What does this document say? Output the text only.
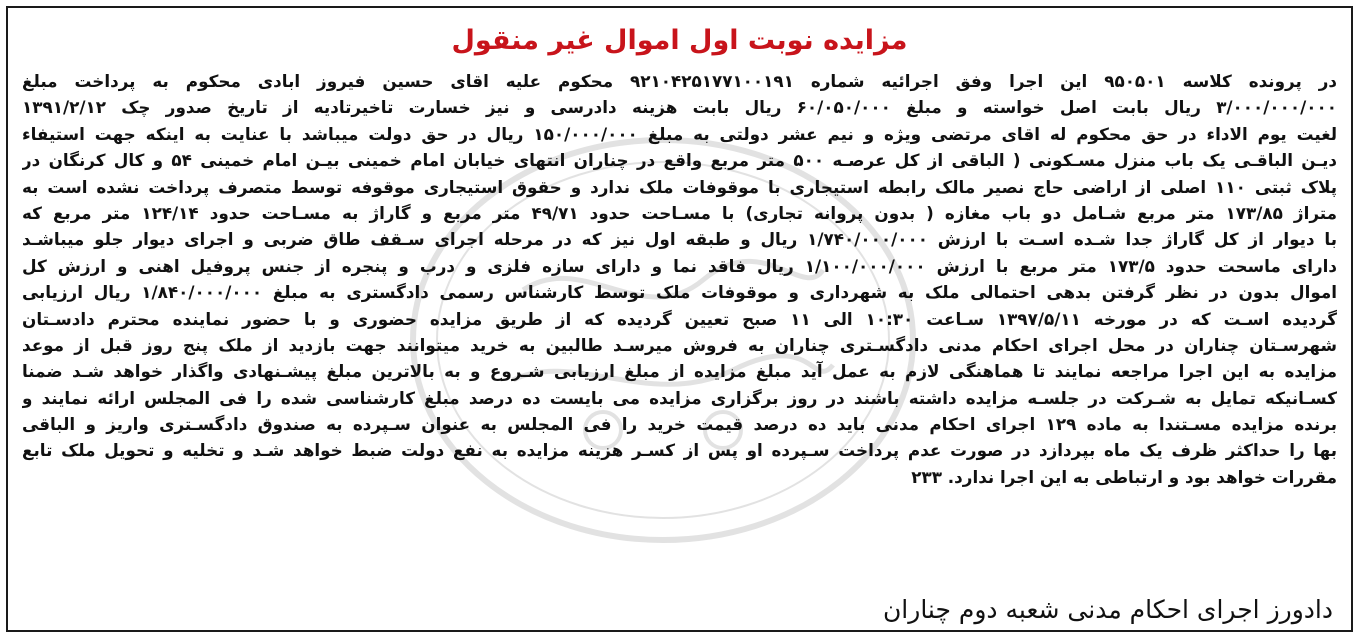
مزایده نوبت اول اموال غیر منقول
در پرونده کلاسه ۹۵۰۵۰۱ این اجرا وفق اجرائیه شماره ۹۲۱۰۴۲۵۱۷۷۱۰۰۱۹۱ محکوم علیه اقای حسین فیروز ابادی محکوم به پرداخت مبلغ
۳/۰۰۰/۰۰۰/۰۰۰ ریال بابت اصل خواسته و مبلغ ۶۰/۰۵۰/۰۰۰ ریال بابت هزینه دادرسی و نیز خسارت تاخیرتادیه از تاریخ صدور چک ۱۳۹۱/۲/۱۲
لغیت یوم الاداء در حق محکوم له اقای مرتضی ویژه و نیم عشر دولتی به مبلغ ۱۵۰/۰۰۰/۰۰۰ ریال در حق دولت میباشد با عنایت به اینکه جهت استیفاء
دیـن الباقـی یک باب منزل مسـکونی ( الباقی از کل عرصـه ۵۰۰ متر مربع واقع در چناران انتهای خیابان امام خمینی بیـن امام خمینی ۵۴ و کال کرنگان در
پلاک ثبتی ۱۱۰ اصلی از اراضی حاج نصیر مالک رابطه استیجاری با موقوفات ملک ندارد و حقوق استیجاری موقوفه توسط متصرف پرداخت نشده است به
متراژ ۱۷۳/۸۵ متر مربع شـامل دو باب مغازه ( بدون پروانه تجاری) با مسـاحت حدود ۴۹/۷۱ متر مربع و گاراژ به مسـاحت حدود ۱۲۴/۱۴ متر مربع که
با دیوار از کل گاراژ جدا شـده اسـت با ارزش ۱/۷۴۰/۰۰۰/۰۰۰ ریال و طبقه اول نیز که در مرحله اجرای سـقف طاق ضربی و اجرای دیوار جلو میباشـد
دارای ماسحت حدود ۱۷۳/۵ متر مربع با ارزش ۱/۱۰۰/۰۰۰/۰۰۰ ریال فاقد نما و دارای سازه فلزی و درب و پنجره از جنس پروفیل اهنی و ارزش کل
اموال بدون در نظر گرفتن بدهی احتمالی ملک به شهرداری و موقوفات ملک توسط کارشناس رسمی دادگستری به مبلغ ۱/۸۴۰/۰۰۰/۰۰۰ ریال ارزیابی
گردیده اسـت که در مورخه ۱۳۹۷/۵/۱۱ سـاعت ۱۰:۳۰ الی ۱۱ صبح تعیین گردیده که از طریق مزایده حضوری و با حضور نماینده محترم دادسـتان
شهرسـتان چناران در محل اجرای احکام مدنی دادگسـتری چناران به فروش میرسـد طالبین به خرید میتوانند جهت بازدید از ملک پنج روز قبل از موعد
مزایده به این اجرا مراجعه نمایند تا هماهنگی لازم به عمل آید مبلغ مزایده از مبلغ ارزیابی شـروع و به بالاترین مبلغ پیشـنهادی واگذار خواهد شـد ضمنا
کسـانیکه تمایل به شـرکت در جلسـه مزایده داشته باشند در روز برگزاری مزایده می بایست ده درصد مبلغ کارشناسی شده را فی المجلس ارائه نمایند و
برنده مزایده مسـتندا به ماده ۱۲۹ اجرای احکام مدنی باید ده درصد قیمت خرید را فی المجلس به عنوان سـپرده به صندوق دادگسـتری واریز و الباقی
بها را حداکثر ظرف یک ماه بپردازد در صورت عدم پرداخت سـپرده او پس از کسـر هزینه مزایده به نفع دولت ضبط خواهد شـد و تخلیه و تحویل ملک تابع
مقررات خواهد بود و ارتباطی به این اجرا ندارد. ۲۳۳
دادورز اجرای احکام مدنی شعبه دوم چناران
